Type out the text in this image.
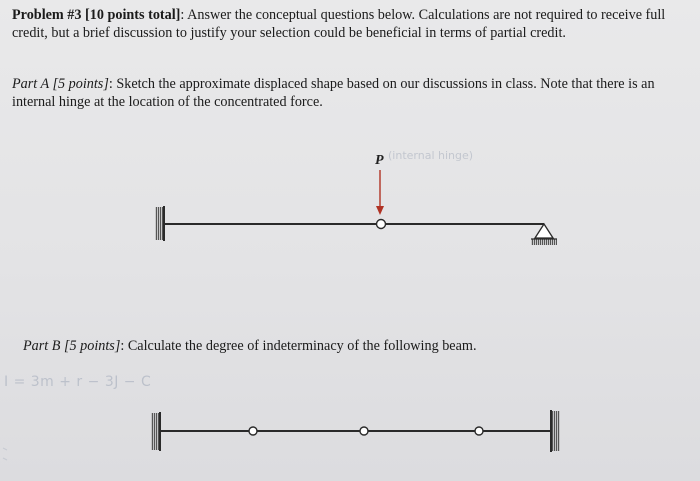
Problem #3 [10 points total]: Answer the conceptual questions below. Calculations are not required to receive full
credit, but a brief discussion to justify your selection could be beneficial in terms of partial credit.
Part A [5 points]: Sketch the approximate displaced shape based on our discussions in class. Note that there is an
internal hinge at the location of the concentrated force.
P (internal hinge)
Part B [5 points]: Calculate the degree of indeterminacy of the following beam.
I = 3m + r − 3J − C
